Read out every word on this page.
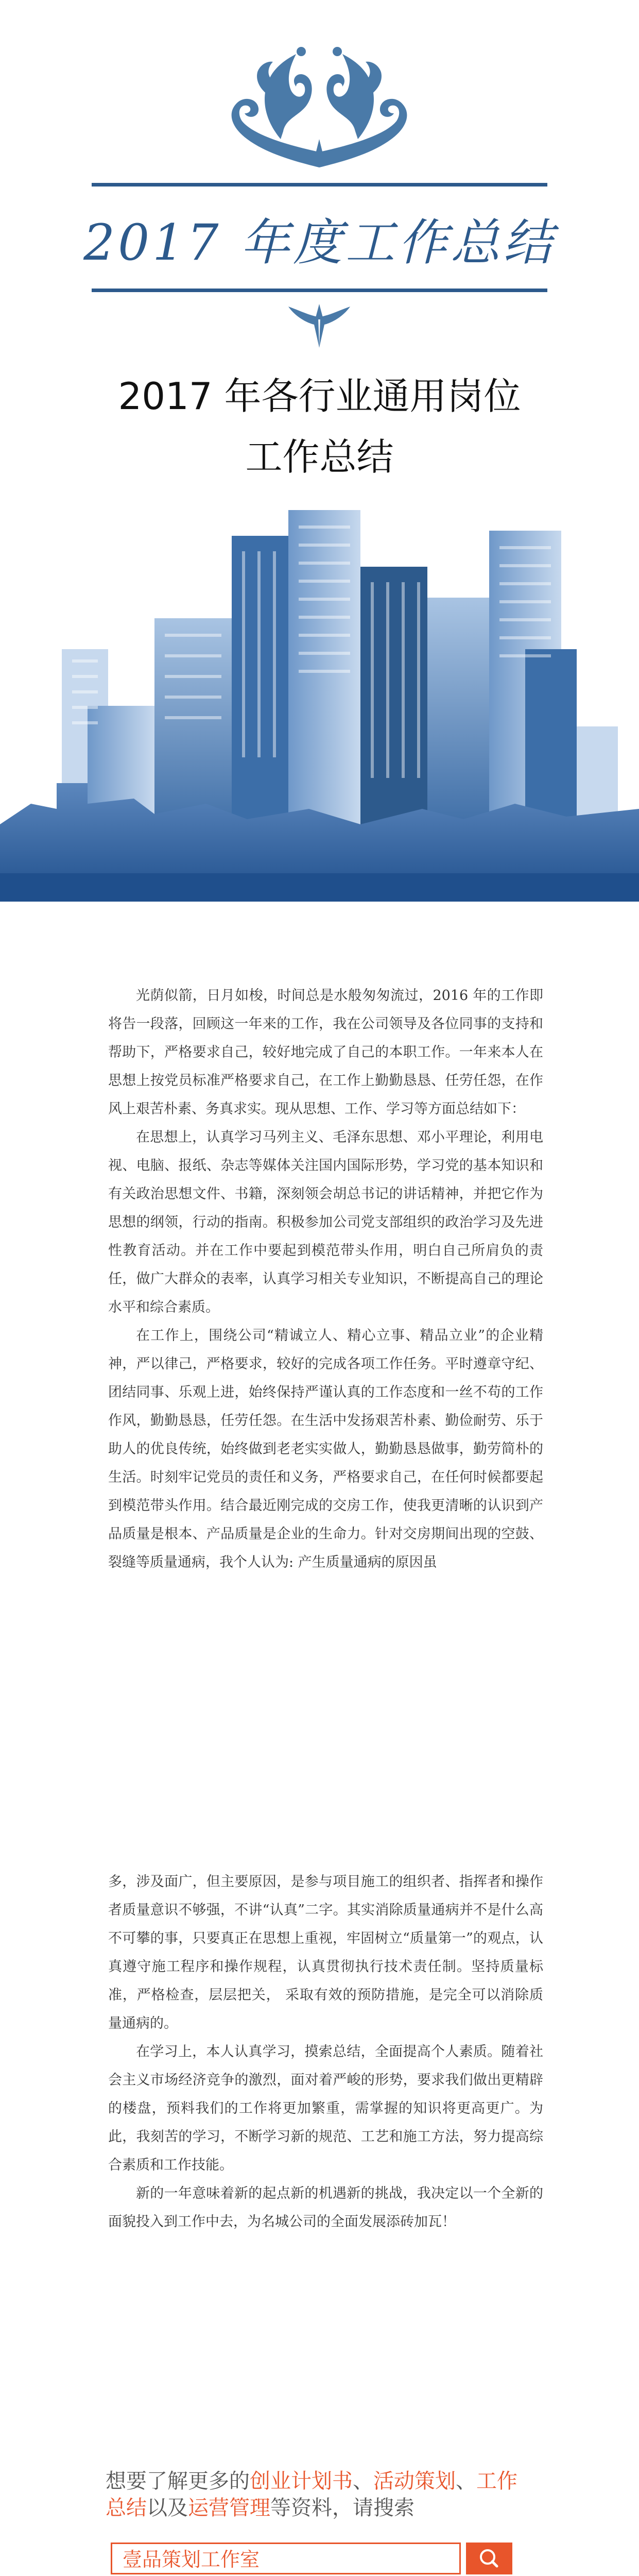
2017 年度工作总结
2017 年各行业通用岗位
工作总结

光荫似箭，日月如梭，时间总是水般匆匆流过，2016 年的工作即将告一段落，回顾这一年来的工作，我在公司领导及各位同事的支持和帮助下，严格要求自己，较好地完成了自己的本职工作。一年来本人在思想上按党员标准严格要求自己，在工作上勤勤恳恳、任劳任怨，在作风上艰苦朴素、务真求实。现从思想、工作、学习等方面总结如下：

在思想上，认真学习马列主义、毛泽东思想、邓小平理论，利用电视、电脑、报纸、杂志等媒体关注国内国际形势，学习党的基本知识和有关政治思想文件、书籍，深刻领会胡总书记的讲话精神，并把它作为思想的纲领，行动的指南。积极参加公司党支部组织的政治学习及先进性教育活动。并在工作中要起到模范带头作用，明白自己所肩负的责任，做广大群众的表率，认真学习相关专业知识，不断提高自己的理论水平和综合素质。

在工作上，围绕公司“精诚立人、精心立事、精品立业”的企业精神，严以律己，严格要求，较好的完成各项工作任务。平时遵章守纪、团结同事、乐观上进，始终保持严谨认真的工作态度和一丝不苟的工作作风，勤勤恳恳，任劳任怨。在生活中发扬艰苦朴素、勤俭耐劳、乐于助人的优良传统，始终做到老老实实做人，勤勤恳恳做事，勤劳简朴的生活。时刻牢记党员的责任和义务，严格要求自己，在任何时候都要起到模范带头作用。结合最近刚完成的交房工作，使我更清晰的认识到产品质量是根本、产品质量是企业的生命力。针对交房期间出现的空鼓、裂缝等质量通病，我个人认为: 产生质量通病的原因虽

多，涉及面广，但主要原因，是参与项目施工的组织者、指挥者和操作者质量意识不够强，不讲“认真”二字。其实消除质量通病并不是什么高不可攀的事，只要真正在思想上重视，牢固树立“质量第一”的观点，认真遵守施工程序和操作规程，认真贯彻执行技术责任制。坚持质量标准，严格检查，层层把关， 采取有效的预防措施，是完全可以消除质量通病的。

在学习上，本人认真学习，摸索总结，全面提高个人素质。随着社会主义市场经济竞争的激烈，面对着严峻的形势，要求我们做出更精辟的楼盘，预料我们的工作将更加繁重，需掌握的知识将更高更广。为此，我刻苦的学习，不断学习新的规范、工艺和施工方法，努力提高综合素质和工作技能。

新的一年意味着新的起点新的机遇新的挑战，我决定以一个全新的面貌投入到工作中去，为名城公司的全面发展添砖加瓦！

想要了解更多的创业计划书、活动策划、工作总结以及运营管理等资料，请搜索
壹品策划工作室
